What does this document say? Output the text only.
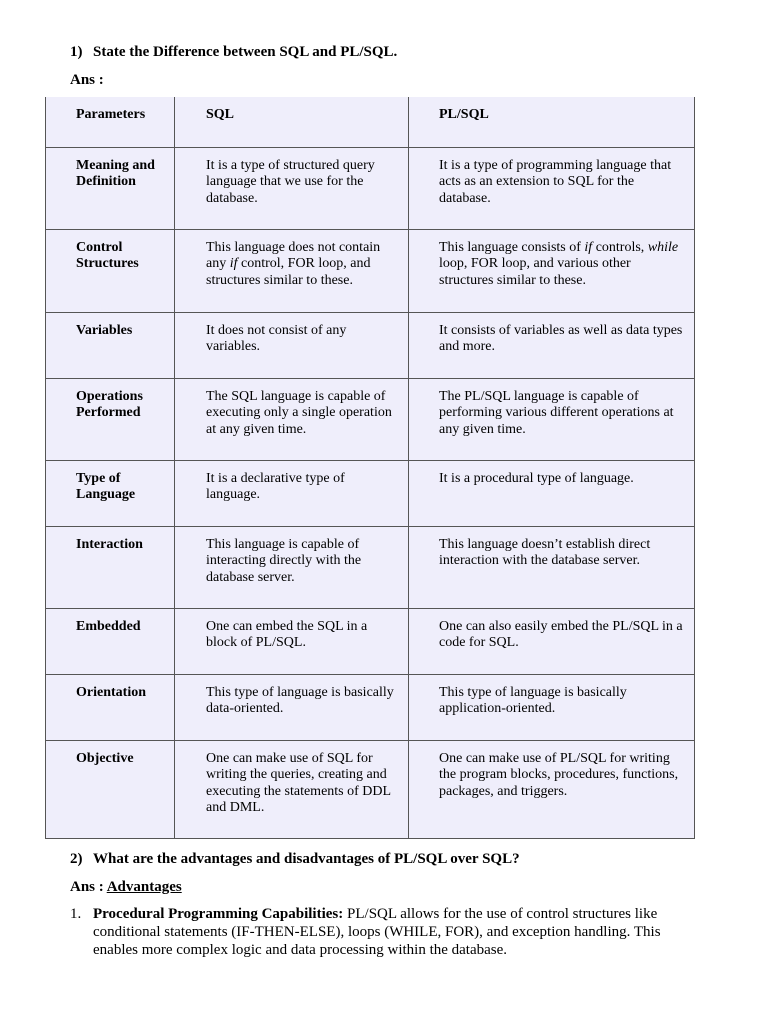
1) State the Difference between SQL and PL/SQL.
Ans :
Parameters	SQL	PL/SQL

Meaning and Definition	It is a type of structured query language that we use for the database.	It is a type of programming language that acts as an extension to SQL for the database.

Control Structures	This language does not contain any if control, FOR loop, and structures similar to these.	This language consists of if controls, while loop, FOR loop, and various other structures similar to these.

Variables	It does not consist of any variables.	It consists of variables as well as data types and more.

Operations Performed	The SQL language is capable of executing only a single operation at any given time.	The PL/SQL language is capable of performing various different operations at any given time.

Type of Language	It is a declarative type of language.	It is a procedural type of language.

Interaction	This language is capable of interacting directly with the database server.	This language doesn’t establish direct interaction with the database server.

Embedded	One can embed the SQL in a block of PL/SQL.	One can also easily embed the PL/SQL in a code for SQL.

Orientation	This type of language is basically data-oriented.	This type of language is basically application-oriented.

Objective	One can make use of SQL for writing the queries, creating and executing the statements of DDL and DML.	One can make use of PL/SQL for writing the program blocks, procedures, functions, packages, and triggers.
2) What are the advantages and disadvantages of PL/SQL over SQL?
Ans : Advantages
1. Procedural Programming Capabilities: PL/SQL allows for the use of control structures like conditional statements (IF-THEN-ELSE), loops (WHILE, FOR), and exception handling. This enables more complex logic and data processing within the database.
